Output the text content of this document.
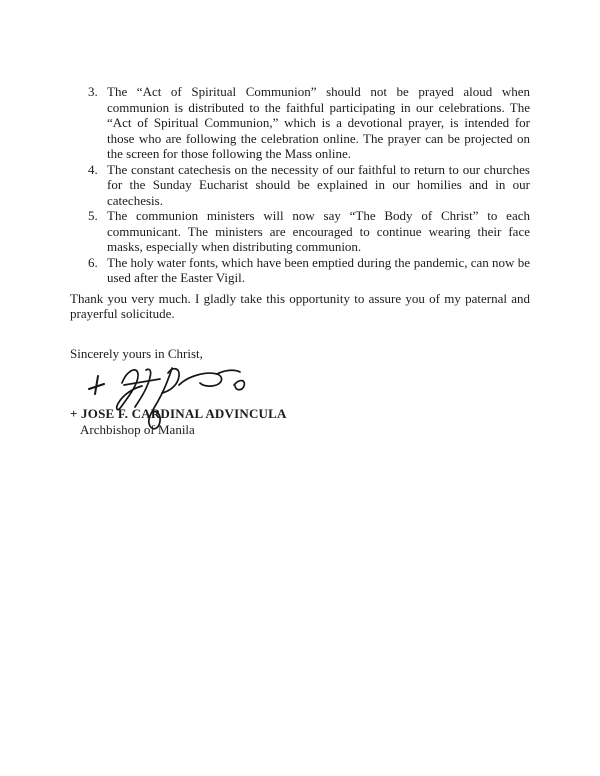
3. The “Act of Spiritual Communion” should not be prayed aloud when communion is distributed to the faithful participating in our celebrations. The “Act of Spiritual Communion,” which is a devotional prayer, is intended for those who are following the celebration online. The prayer can be projected on the screen for those following the Mass online.

4. The constant catechesis on the necessity of our faithful to return to our churches for the Sunday Eucharist should be explained in our homilies and in our catechesis.

5. The communion ministers will now say “The Body of Christ” to each communicant. The ministers are encouraged to continue wearing their face masks, especially when distributing communion.

6. The holy water fonts, which have been emptied during the pandemic, can now be used after the Easter Vigil.

Thank you very much. I gladly take this opportunity to assure you of my paternal and prayerful solicitude.

Sincerely yours in Christ,

+ JOSE F. CARDINAL ADVINCULA

Archbishop of Manila
